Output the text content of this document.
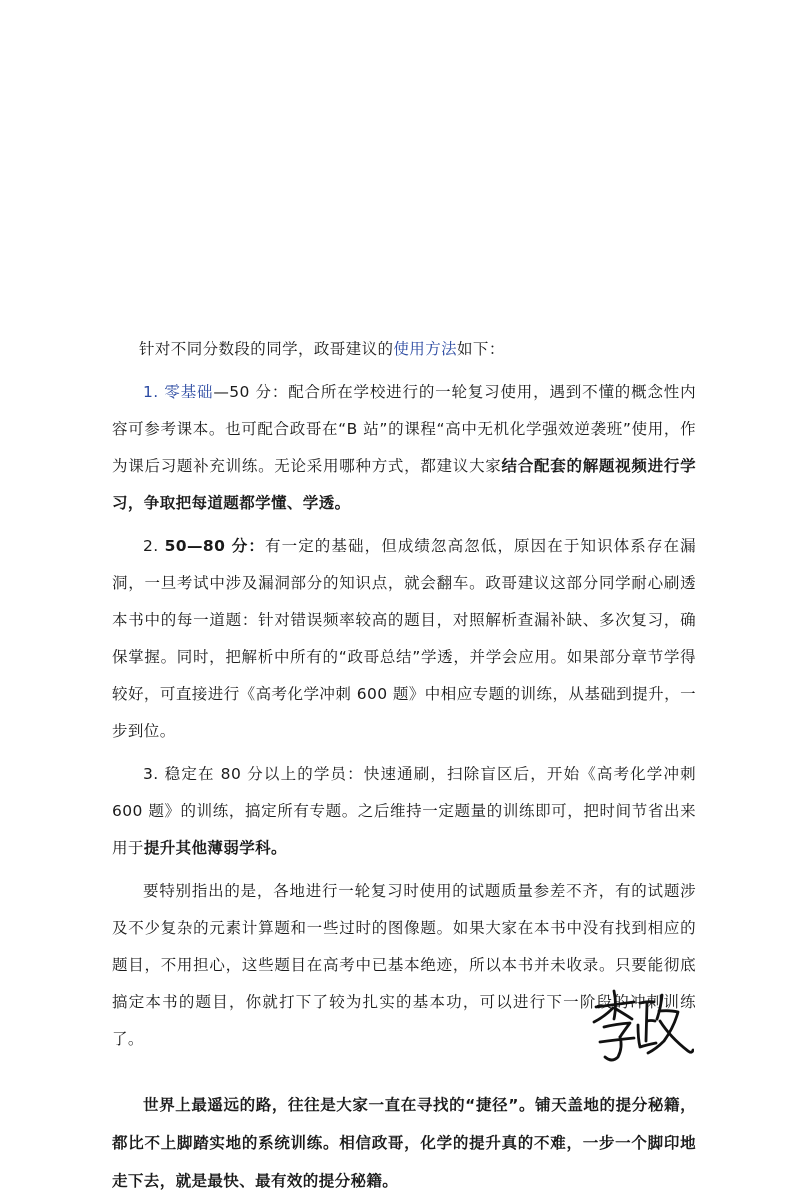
针对不同分数段的同学，政哥建议的使用方法如下：

1. 零基础—50 分：配合所在学校进行的一轮复习使用，遇到不懂的概念性内容可参考课本。也可配合政哥在“B 站”的课程“高中无机化学强效逆袭班”使用，作为课后习题补充训练。无论采用哪种方式，都建议大家结合配套的解题视频进行学习，争取把每道题都学懂、学透。

2. 50—80 分：有一定的基础，但成绩忽高忽低，原因在于知识体系存在漏洞，一旦考试中涉及漏洞部分的知识点，就会翻车。政哥建议这部分同学耐心刷透本书中的每一道题：针对错误频率较高的题目，对照解析查漏补缺、多次复习，确保掌握。同时，把解析中所有的“政哥总结”学透，并学会应用。如果部分章节学得较好，可直接进行《高考化学冲刺 600 题》中相应专题的训练，从基础到提升，一步到位。

3. 稳定在 80 分以上的学员：快速通刷，扫除盲区后，开始《高考化学冲刺 600 题》的训练，搞定所有专题。之后维持一定题量的训练即可，把时间节省出来用于提升其他薄弱学科。

要特别指出的是，各地进行一轮复习时使用的试题质量参差不齐，有的试题涉及不少复杂的元素计算题和一些过时的图像题。如果大家在本书中没有找到相应的题目，不用担心，这些题目在高考中已基本绝迹，所以本书并未收录。只要能彻底搞定本书的题目，你就打下了较为扎实的基本功，可以进行下一阶段的冲刺训练了。

世界上最遥远的路，往往是大家一直在寻找的“捷径”。铺天盖地的提分秘籍，都比不上脚踏实地的系统训练。相信政哥，化学的提升真的不难，一步一个脚印地走下去，就是最快、最有效的提分秘籍。
